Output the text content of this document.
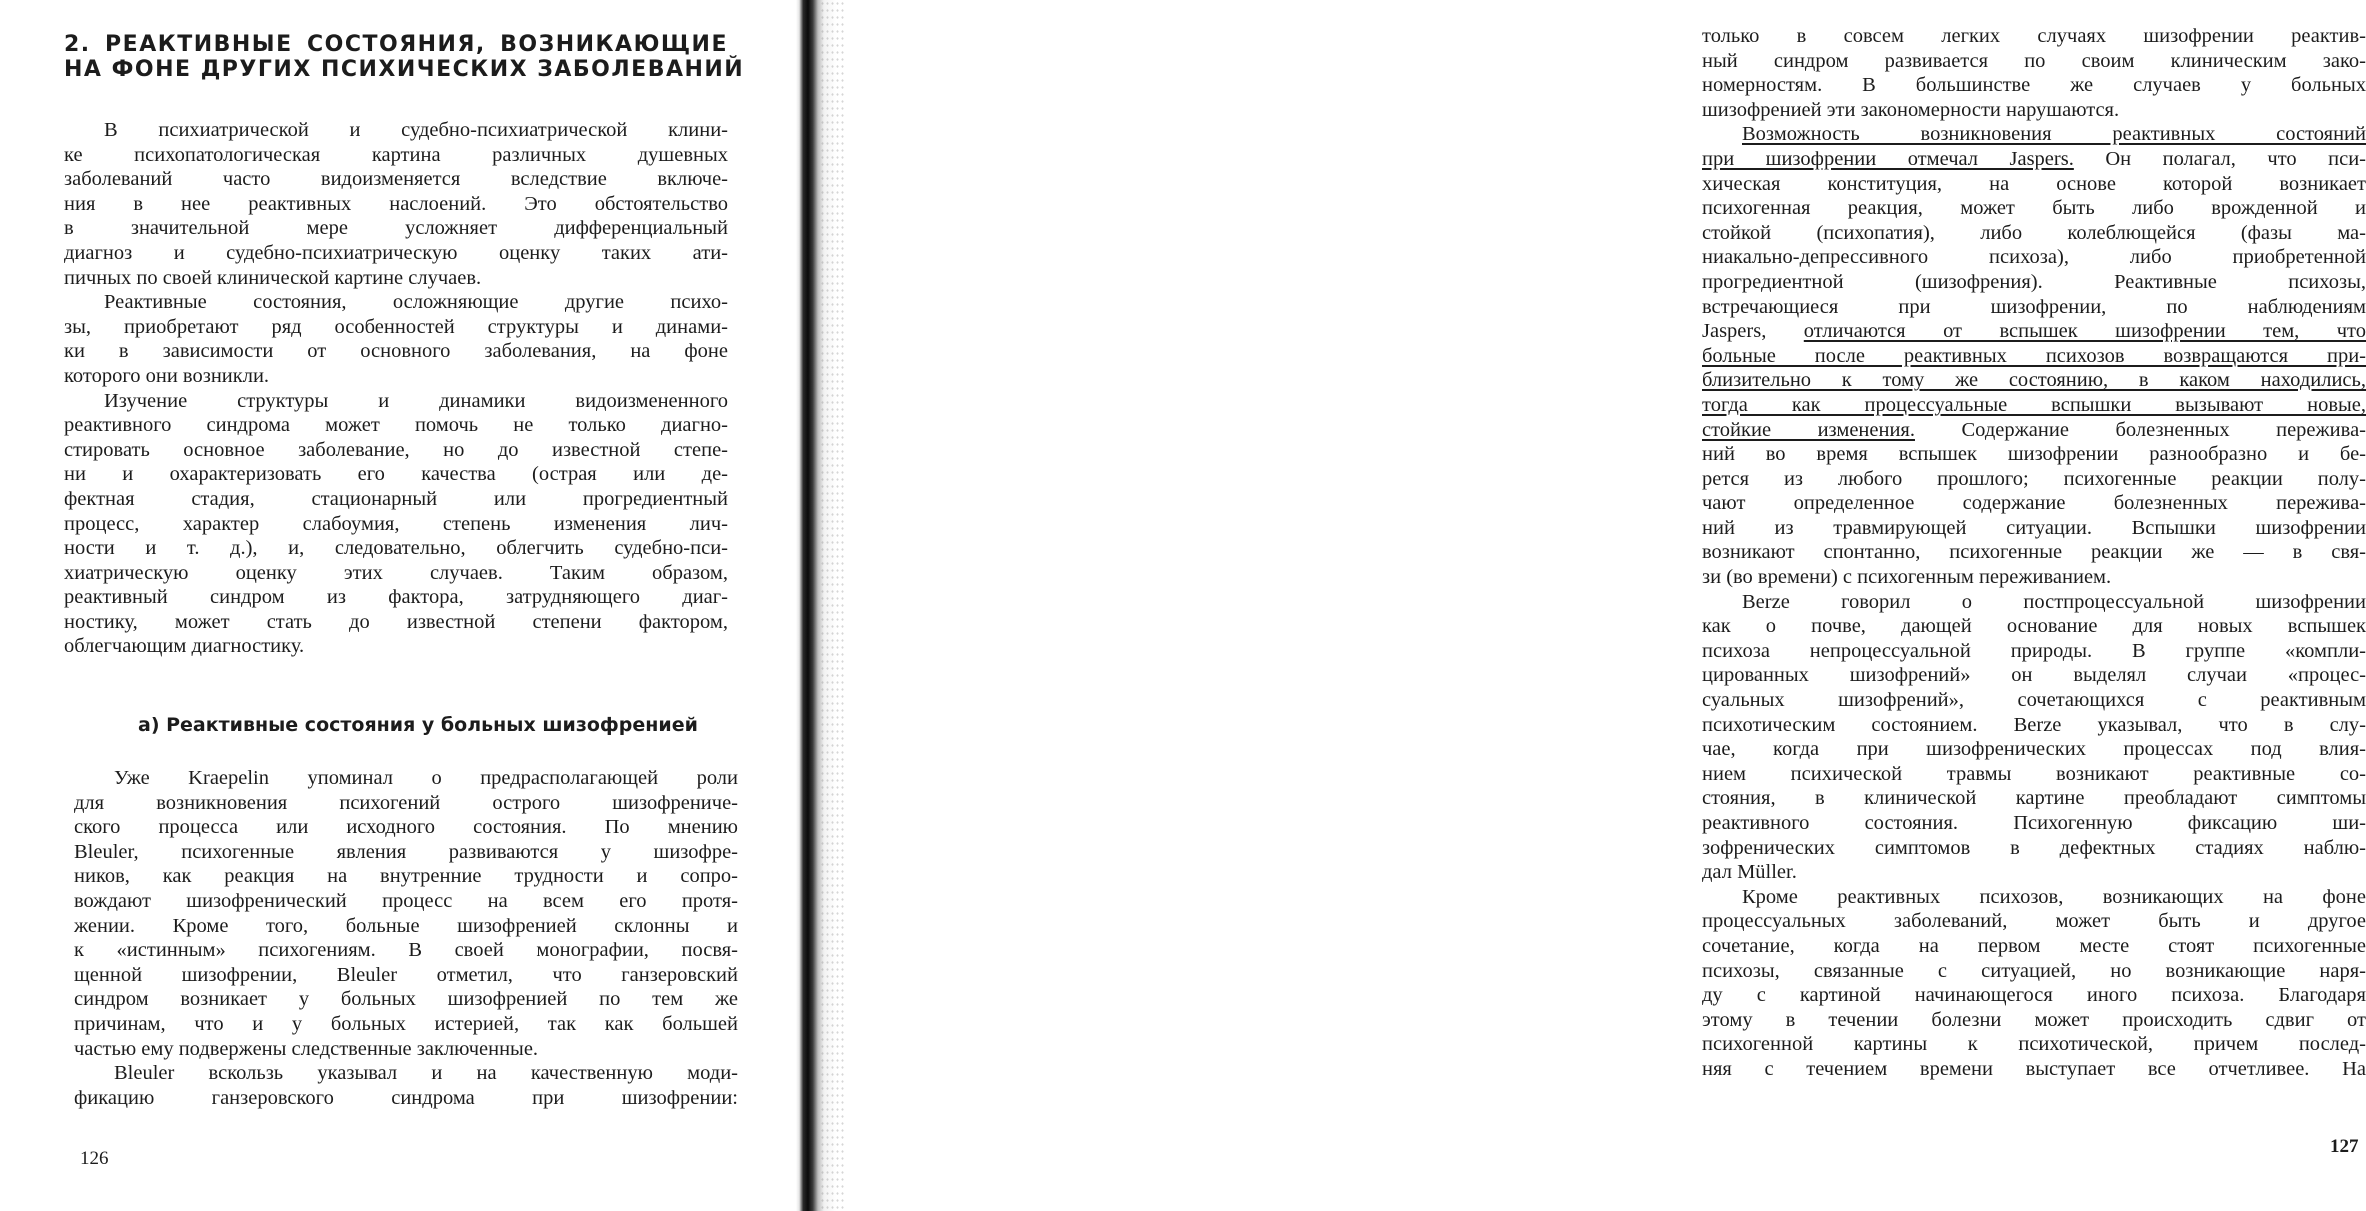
2. РЕАКТИВНЫЕ СОСТОЯНИЯ, ВОЗНИКАЮЩИЕ
НА ФОНЕ ДРУГИХ ПСИХИЧЕСКИХ ЗАБОЛЕВАНИЙ
В психиатрической и судебно-психиатрической клини-
ке психопатологическая картина различных душевных
заболеваний часто видоизменяется вследствие включе-
ния в нее реактивных наслоений. Это обстоятельство
в значительной мере усложняет дифференциальный
диагноз и судебно-психиатрическую оценку таких ати-
пичных по своей клинической картине случаев.
Реактивные состояния, осложняющие другие психо-
зы, приобретают ряд особенностей структуры и динами-
ки в зависимости от основного заболевания, на фоне
которого они возникли.
Изучение структуры и динамики видоизмененного
реактивного синдрома может помочь не только диагно-
стировать основное заболевание, но до известной степе-
ни и охарактеризовать его качества (острая или де-
фектная стадия, стационарный или прогредиентный
процесс, характер слабоумия, степень изменения лич-
ности и т. д.), и, следовательно, облегчить судебно-пси-
хиатрическую оценку этих случаев. Таким образом,
реактивный синдром из фактора, затрудняющего диаг-
ностику, может стать до известной степени фактором,
облегчающим диагностику.
а) Реактивные состояния у больных шизофренией
Уже Kraepelin упоминал о предрасполагающей роли
для возникновения психогений острого шизофрениче-
ского процесса или исходного состояния. По мнению
Bleuler, психогенные явления развиваются у шизофре-
ников, как реакция на внутренние трудности и сопро-
вождают шизофренический процесс на всем его протя-
жении. Кроме того, больные шизофренией склонны и
к «истинным» психогениям. В своей монографии, посвя-
щенной шизофрении, Bleuler отметил, что ганзеровский
синдром возникает у больных шизофренией по тем же
причинам, что и у больных истерией, так как большей
частью ему подвержены следственные заключенные.
Bleuler вскользь указывал и на качественную моди-
фикацию ганзеровского синдрома при шизофрении:
126
только в совсем легких случаях шизофрении реактив-
ный синдром развивается по своим клиническим зако-
номерностям. В большинстве же случаев у больных
шизофренией эти закономерности нарушаются.
Возможность возникновения реактивных состояний
при шизофрении отмечал Jaspers. Он полагал, что пси-
хическая конституция, на основе которой возникает
психогенная реакция, может быть либо врожденной и
стойкой (психопатия), либо колеблющейся (фазы ма-
ниакально-депрессивного психоза), либо приобретенной
прогредиентной (шизофрения). Реактивные психозы,
встречающиеся при шизофрении, по наблюдениям
Jaspers, отличаются от вспышек шизофрении тем, что
больные после реактивных психозов возвращаются при-
близительно к тому же состоянию, в каком находились,
тогда как процессуальные вспышки вызывают новые,
стойкие изменения. Содержание болезненных пережива-
ний во время вспышек шизофрении разнообразно и бе-
рется из любого прошлого; психогенные реакции полу-
чают определенное содержание болезненных пережива-
ний из травмирующей ситуации. Вспышки шизофрении
возникают спонтанно, психогенные реакции же — в свя-
зи (во времени) с психогенным переживанием.
Berze говорил о постпроцессуальной шизофрении
как о почве, дающей основание для новых вспышек
психоза непроцессуальной природы. В группе «компли-
цированных шизофрений» он выделял случаи «процес-
суальных шизофрений», сочетающихся с реактивным
психотическим состоянием. Berze указывал, что в слу-
чае, когда при шизофренических процессах под влия-
нием психической травмы возникают реактивные со-
стояния, в клинической картине преобладают симптомы
реактивного состояния. Психогенную фиксацию ши-
зофренических симптомов в дефектных стадиях наблю-
дал Müller.
Кроме реактивных психозов, возникающих на фоне
процессуальных заболеваний, может быть и другое
сочетание, когда на первом месте стоят психогенные
психозы, связанные с ситуацией, но возникающие наря-
ду с картиной начинающегося иного психоза. Благодаря
этому в течении болезни может происходить сдвиг от
психогенной картины к психотической, причем послед-
няя с течением времени выступает все отчетливее. На
127
